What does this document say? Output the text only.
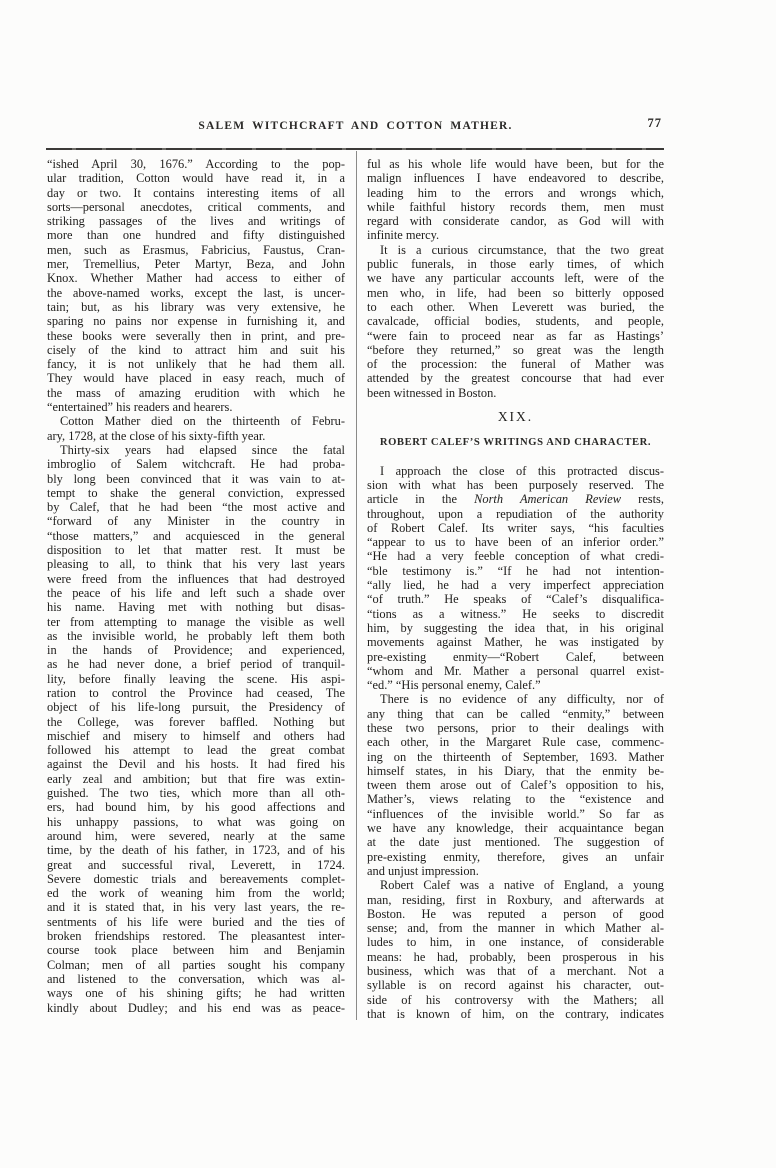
SALEM WITCHCRAFT AND COTTON MATHER.	77
“ished April 30, 1676.” According to the pop-
ular tradition, Cotton would have read it, in a
day or two. It contains interesting items of all
sorts—personal anecdotes, critical comments, and
striking passages of the lives and writings of
more than one hundred and fifty distinguished
men, such as Erasmus, Fabricius, Faustus, Cran-
mer, Tremellius, Peter Martyr, Beza, and John
Knox. Whether Mather had access to either of
the above-named works, except the last, is uncer-
tain; but, as his library was very extensive, he
sparing no pains nor expense in furnishing it, and
these books were severally then in print, and pre-
cisely of the kind to attract him and suit his
fancy, it is not unlikely that he had them all.
They would have placed in easy reach, much of
the mass of amazing erudition with which he
“entertained” his readers and hearers.
Cotton Mather died on the thirteenth of Febru-
ary, 1728, at the close of his sixty-fifth year.
Thirty-six years had elapsed since the fatal
imbroglio of Salem witchcraft. He had proba-
bly long been convinced that it was vain to at-
tempt to shake the general conviction, expressed
by Calef, that he had been “the most active and
“forward of any Minister in the country in
“those matters,” and acquiesced in the general
disposition to let that matter rest. It must be
pleasing to all, to think that his very last years
were freed from the influences that had destroyed
the peace of his life and left such a shade over
his name. Having met with nothing but disas-
ter from attempting to manage the visible as well
as the invisible world, he probably left them both
in the hands of Providence; and experienced,
as he had never done, a brief period of tranquil-
lity, before finally leaving the scene. His aspi-
ration to control the Province had ceased, The
object of his life-long pursuit, the Presidency of
the College, was forever baffled. Nothing but
mischief and misery to himself and others had
followed his attempt to lead the great combat
against the Devil and his hosts. It had fired his
early zeal and ambition; but that fire was extin-
guished. The two ties, which more than all oth-
ers, had bound him, by his good affections and
his unhappy passions, to what was going on
around him, were severed, nearly at the same
time, by the death of his father, in 1723, and of his
great and successful rival, Leverett, in 1724.
Severe domestic trials and bereavements complet-
ed the work of weaning him from the world;
and it is stated that, in his very last years, the re-
sentments of his life were buried and the ties of
broken friendships restored. The pleasantest inter-
course took place between him and Benjamin
Colman; men of all parties sought his company
and listened to the conversation, which was al-
ways one of his shining gifts; he had written
kindly about Dudley; and his end was as peace-
ful as his whole life would have been, but for the
malign influences I have endeavored to describe,
leading him to the errors and wrongs which,
while faithful history records them, men must
regard with considerate candor, as God will with
infinite mercy.
It is a curious circumstance, that the two great
public funerals, in those early times, of which
we have any particular accounts left, were of the
men who, in life, had been so bitterly opposed
to each other. When Leverett was buried, the
cavalcade, official bodies, students, and people,
“were fain to proceed near as far as Hastings’
“before they returned,” so great was the length
of the procession: the funeral of Mather was
attended by the greatest concourse that had ever
been witnessed in Boston.
XIX.
ROBERT CALEF’S WRITINGS AND CHARACTER.
I approach the close of this protracted discus-
sion with what has been purposely reserved. The
article in the North American Review rests,
throughout, upon a repudiation of the authority
of Robert Calef. Its writer says, “his faculties
“appear to us to have been of an inferior order.”
“He had a very feeble conception of what credi-
“ble testimony is.” “If he had not intention-
“ally lied, he had a very imperfect appreciation
“of truth.” He speaks of “Calef’s disqualifica-
“tions as a witness.” He seeks to discredit
him, by suggesting the idea that, in his original
movements against Mather, he was instigated by
pre-existing enmity—“Robert Calef, between
“whom and Mr. Mather a personal quarrel exist-
“ed.” “His personal enemy, Calef.”
There is no evidence of any difficulty, nor of
any thing that can be called “enmity,” between
these two persons, prior to their dealings with
each other, in the Margaret Rule case, commenc-
ing on the thirteenth of September, 1693. Mather
himself states, in his Diary, that the enmity be-
tween them arose out of Calef’s opposition to his,
Mather’s, views relating to the “existence and
“influences of the invisible world.” So far as
we have any knowledge, their acquaintance began
at the date just mentioned. The suggestion of
pre-existing enmity, therefore, gives an unfair
and unjust impression.
Robert Calef was a native of England, a young
man, residing, first in Roxbury, and afterwards at
Boston. He was reputed a person of good
sense; and, from the manner in which Mather al-
ludes to him, in one instance, of considerable
means: he had, probably, been prosperous in his
business, which was that of a merchant. Not a
syllable is on record against his character, out-
side of his controversy with the Mathers; all
that is known of him, on the contrary, indicates
